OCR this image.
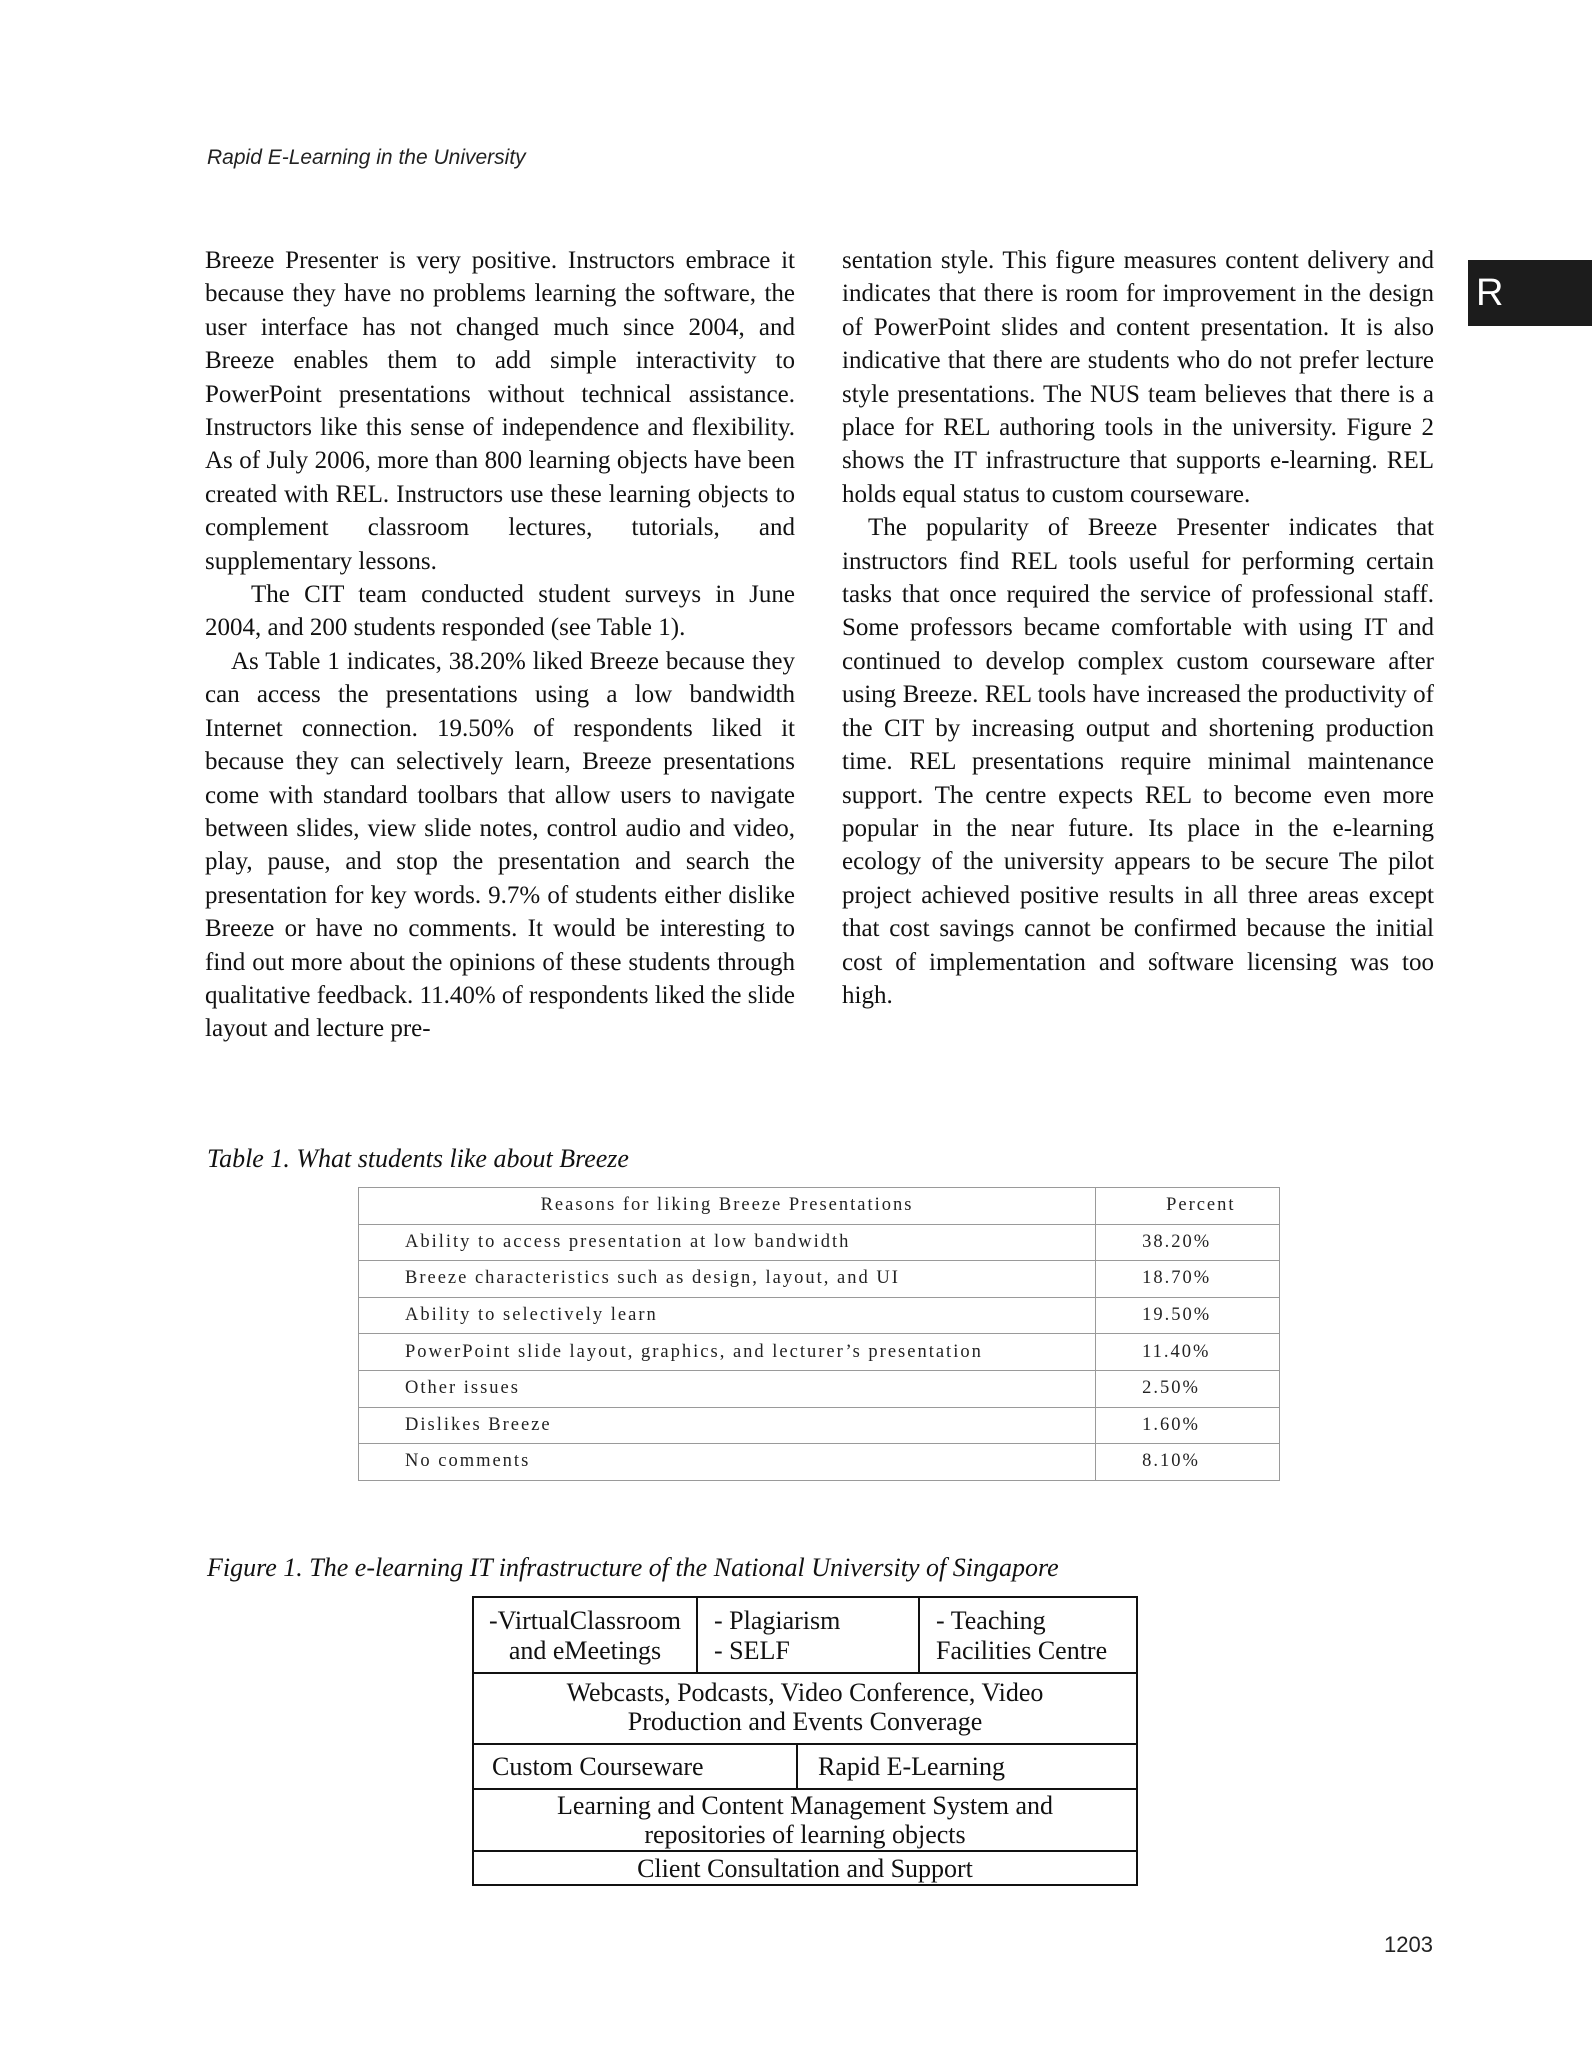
Rapid E-Learning in the University
R

Breeze Presenter is very positive. Instructors embrace it because they have no problems learning the software, the user interface has not changed much since 2004, and Breeze enables them to add simple interactivity to PowerPoint presentations without technical assistance. Instructors like this sense of independence and flexibility. As of July 2006, more than 800 learning objects have been created with REL. Instructors use these learning objects to complement classroom lectures, tutorials, and supplementary lessons.

The CIT team conducted student surveys in June 2004, and 200 students responded (see Table 1).

As Table 1 indicates, 38.20% liked Breeze because they can access the presentations using a low bandwidth Internet connection. 19.50% of respondents liked it because they can selectively learn, Breeze presentations come with standard toolbars that allow users to navigate between slides, view slide notes, control audio and video, play, pause, and stop the presentation and search the presentation for key words. 9.7% of students either dislike Breeze or have no comments. It would be interesting to find out more about the opinions of these students through qualitative feedback. 11.40% of respondents liked the slide layout and lecture pre-

sentation style. This figure measures content delivery and indicates that there is room for improvement in the design of PowerPoint slides and content presentation. It is also indicative that there are students who do not prefer lecture style presentations. The NUS team believes that there is a place for REL authoring tools in the university. Figure 2 shows the IT infrastructure that supports e-learning. REL holds equal status to custom courseware.

The popularity of Breeze Presenter indicates that instructors find REL tools useful for performing certain tasks that once required the service of professional staff. Some professors became comfortable with using IT and continued to develop complex custom courseware after using Breeze. REL tools have increased the productivity of the CIT by increasing output and shortening production time. REL presentations require minimal maintenance support. The centre expects REL to become even more popular in the near future. Its place in the e-learning ecology of the university appears to be secure The pilot project achieved positive results in all three areas except that cost savings cannot be confirmed because the initial cost of implementation and software licensing was too high.

Table 1. What students like about Breeze
Reasons for liking Breeze Presentations	Percent
Ability to access presentation at low bandwidth	38.20%
Breeze characteristics such as design, layout, and UI	18.70%
Ability to selectively learn	19.50%
PowerPoint slide layout, graphics, and lecturer’s presentation	11.40%
Other issues	2.50%
Dislikes Breeze	1.60%
No comments	8.10%
Figure 1. The e-learning IT infrastructure of the National University of Singapore
-VirtualClassroom
and eMeetings
- Plagiarism
- SELF
- Teaching
Facilities Centre
Webcasts, Podcasts, Video Conference, Video
Production and Events Converage
Custom Courseware	Rapid E-Learning
Learning and Content Management System and
repositories of learning objects
Client Consultation and Support
1203
